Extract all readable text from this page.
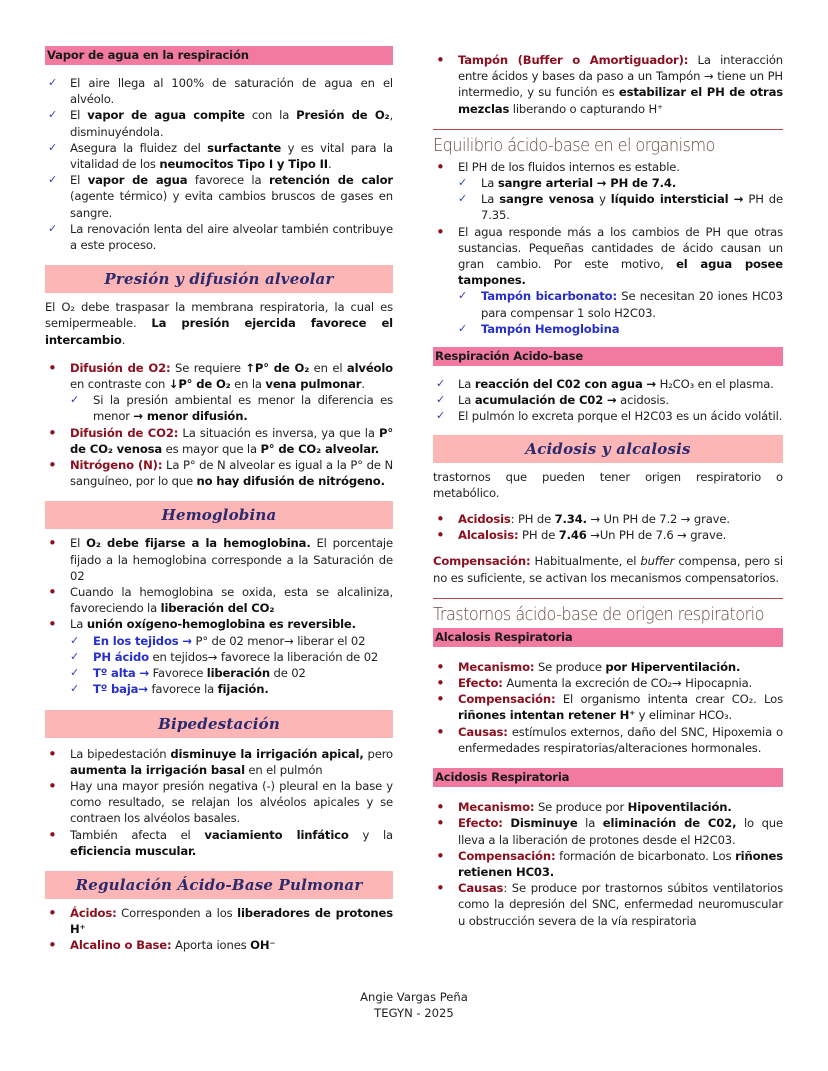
Vapor de agua en la respiración
✓ El aire llega al 100% de saturación de agua en el alvéolo.
✓ El vapor de agua compite con la Presión de O₂, disminuyéndola.
✓ Asegura la fluidez del surfactante y es vital para la vitalidad de los neumocitos Tipo I y Tipo II.
✓ El vapor de agua favorece la retención de calor (agente térmico) y evita cambios bruscos de gases en sangre.
✓ La renovación lenta del aire alveolar también contribuye a este proceso.
Presión y difusión alveolar

El O₂ debe traspasar la membrana respiratoria, la cual es semipermeable. La presión ejercida favorece el intercambio.

• Difusión de O2: Se requiere ↑P° de O₂ en el alvéolo en contraste con ↓P° de O₂ en la vena pulmonar.
✓ Si la presión ambiental es menor la diferencia es menor → menor difusión.
• Difusión de CO2: La situación es inversa, ya que la P° de CO₂ venosa es mayor que la P° de CO₂ alveolar.
• Nitrógeno (N): La P° de N alveolar es igual a la P° de N sanguíneo, por lo que no hay difusión de nitrógeno.
Hemoglobina
• El O₂ debe fijarse a la hemoglobina. El porcentaje fijado a la hemoglobina corresponde a la Saturación de 02
• Cuando la hemoglobina se oxida, esta se alcaliniza, favoreciendo la liberación del CO₂
• La unión oxígeno-hemoglobina es reversible.
✓ En los tejidos → P° de 02 menor→ liberar el 02
✓ PH ácido en tejidos→ favorece la liberación de 02
✓ Tº alta → Favorece liberación de 02
✓ Tº baja→ favorece la fijación.
Bipedestación
• La bipedestación disminuye la irrigación apical, pero aumenta la irrigación basal en el pulmón
• Hay una mayor presión negativa (-) pleural en la base y como resultado, se relajan los alvéolos apicales y se contraen los alvéolos basales.
• También afecta el vaciamiento linfático y la eficiencia muscular.
Regulación Ácido-Base Pulmonar
• Ácidos: Corresponden a los liberadores de protones H⁺
• Alcalino o Base: Aporta iones OH⁻
• Tampón (Buffer o Amortiguador): La interacción entre ácidos y bases da paso a un Tampón → tiene un PH intermedio, y su función es estabilizar el PH de otras mezclas liberando o capturando H⁺
Equilibrio ácido-base en el organismo
• El PH de los fluidos internos es estable.
✓ La sangre arterial → PH de 7.4.
✓ La sangre venosa y líquido intersticial → PH de 7.35.
• El agua responde más a los cambios de PH que otras sustancias. Pequeñas cantidades de ácido causan un gran cambio. Por este motivo, el agua posee tampones.
✓ Tampón bicarbonato: Se necesitan 20 iones HC03 para compensar 1 solo H2C03.
✓ Tampón Hemoglobina
Respiración Acido-base
✓ La reacción del C02 con agua → H₂CO₃ en el plasma.
✓ La acumulación de C02 → acidosis.
✓ El pulmón lo excreta porque el H2C03 es un ácido volátil.
Acidosis y alcalosis

trastornos que pueden tener origen respiratorio o metabólico.

• Acidosis: PH de 7.34. → Un PH de 7.2 → grave.
• Alcalosis: PH de 7.46 →Un PH de 7.6 → grave.

Compensación: Habitualmente, el buffer compensa, pero si no es suficiente, se activan los mecanismos compensatorios.

Trastornos ácido-base de origen respiratorio
Alcalosis Respiratoria
• Mecanismo: Se produce por Hiperventilación.
• Efecto: Aumenta la excreción de CO₂→ Hipocapnia.
• Compensación: El organismo intenta crear CO₂. Los riñones intentan retener H⁺ y eliminar HCO₃.
• Causas: estímulos externos, daño del SNC, Hipoxemia o enfermedades respiratorias/alteraciones hormonales.
Acidosis Respiratoria
• Mecanismo: Se produce por Hipoventilación.
• Efecto: Disminuye la eliminación de C02, lo que lleva a la liberación de protones desde el H2C03.
• Compensación: formación de bicarbonato. Los riñones retienen HC03.
• Causas: Se produce por trastornos súbitos ventilatorios como la depresión del SNC, enfermedad neuromuscular u obstrucción severa de la vía respiratoria
Angie Vargas Peña
TEGYN - 2025
